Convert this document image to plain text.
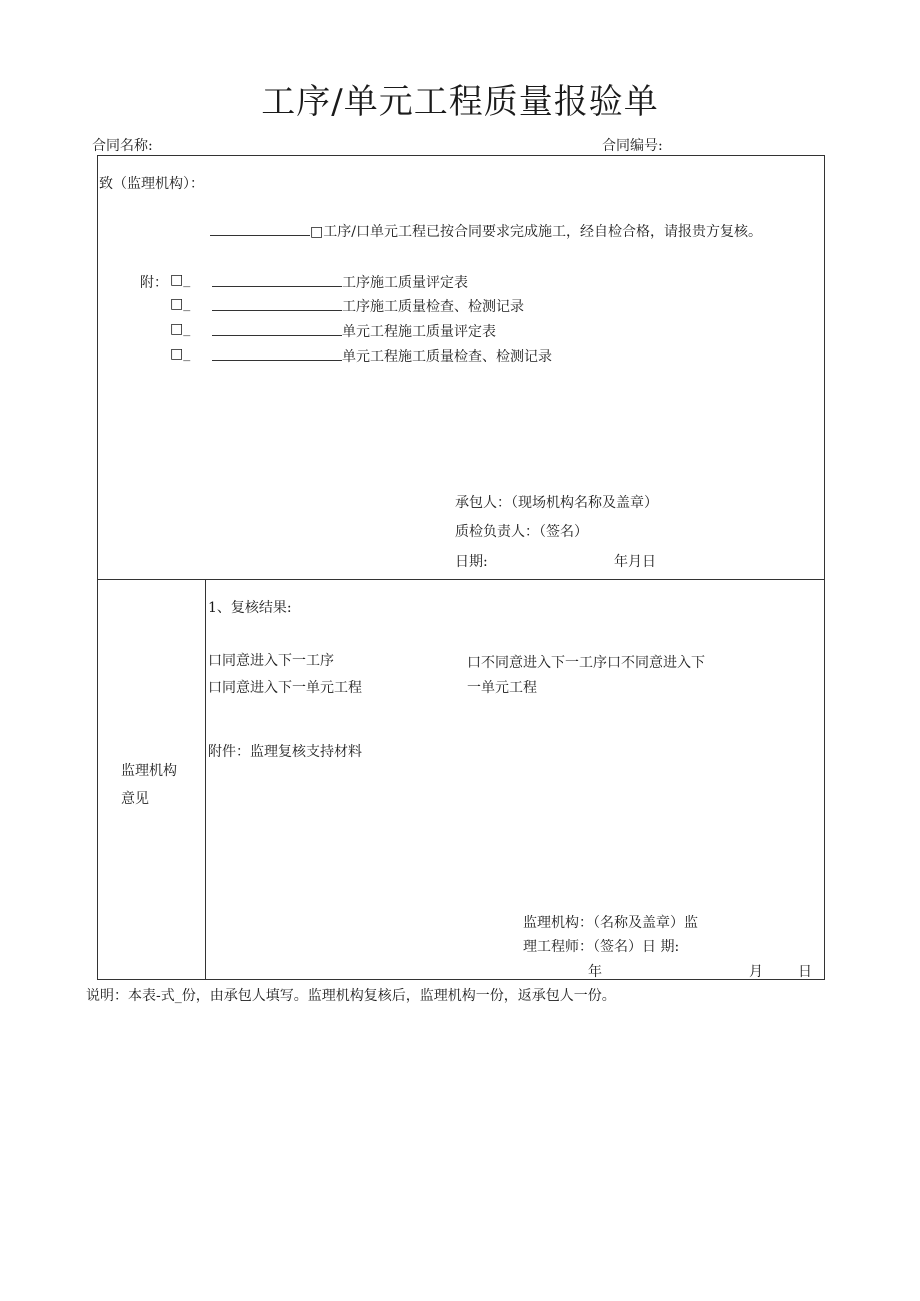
工序/单元工程质量报验单
合同名称:	合同编号:
致（监理机构）：
□工序/口单元工程已按合同要求完成施工，经自检合格，请报贵方复核。
附： □_	工序施工质量评定表
□_	工序施工质量检查、检测记录
□_	单元工程施工质量评定表
□_	单元工程施工质量检查、检测记录
承包人：（现场机构名称及盖章）
质检负责人：（签名）
日期:	年月日
监理机构
意见
1、复核结果:
口同意进入下一工序
口同意进入下一单元工程
口不同意进入下一工序口不同意进入下
一单元工程
附件：监理复核支持材料
监理机构：（名称及盖章）监
理工程师：（签名）日 期:
年	月	日
说明：本表-式_份，由承包人填写。监理机构复核后，监理机构一份，返承包人一份。
